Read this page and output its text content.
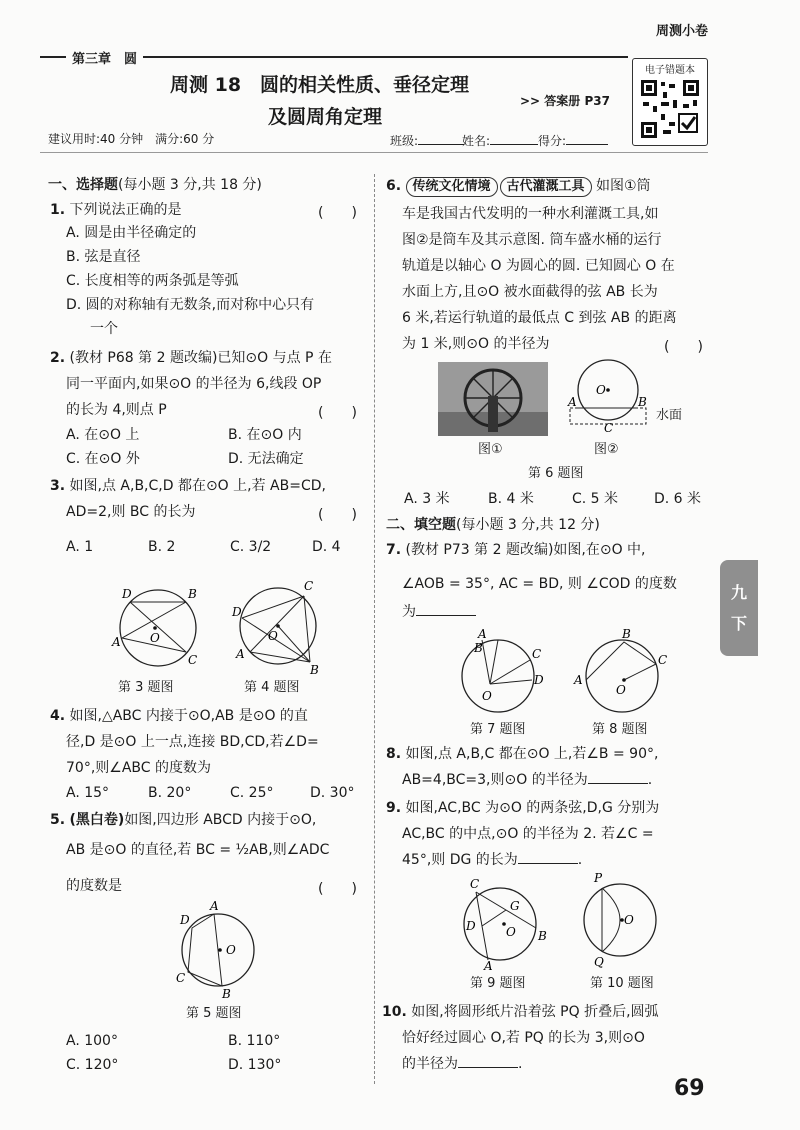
周测小卷
第三章　圆
周测 18　圆的相关性质、垂径定理
及圆周角定理
>> 答案册 P37
电子错题本
建议用时:40 分钟　满分:60 分	班级:	姓名:	得分:
九
下
69
一、选择题(每小题 3 分,共 18 分)
1. 下列说法正确的是	(　　)
A. 圆是由半径确定的
B. 弦是直径
C. 长度相等的两条弧是等弧
D. 圆的对称轴有无数条,而对称中心只有
一个
2. (教材 P68 第 2 题改编)已知⊙O 与点 P 在
同一平面内,如果⊙O 的半径为 6,线段 OP
的长为 4,则点 P	(　　)
A. 在⊙O 上	B. 在⊙O 内
C. 在⊙O 外	D. 无法确定
3. 如图,点 A,B,C,D 都在⊙O 上,若 AB=CD,
AD=2,则 BC 的长为	(　　)
A. 1	B. 2	C. 3/2	D. 4
D	B
A
C
O
C
D
A
B
O
第 3 题图	第 4 题图
4. 如图,△ABC 内接于⊙O,AB 是⊙O 的直
径,D 是⊙O 上一点,连接 BD,CD,若∠D=
70°,则∠ABC 的度数为
A. 15°	B. 20°	C. 25°	D. 30°
5. (黑白卷)如图,四边形 ABCD 内接于⊙O,
AB 是⊙O 的直径,若 BC = ½AB,则∠ADC
的度数是	(　　)
A
D
C
B
O
第 5 题图
A. 100°	B. 110°
C. 120°	D. 130°
6. 传统文化情境 古代灌溉工具 如图①筒
车是我国古代发明的一种水利灌溉工具,如
图②是筒车及其示意图. 筒车盛水桶的运行
轨道是以轴心 O 为圆心的圆. 已知圆心 O 在
水面上方,且⊙O 被水面截得的弦 AB 长为
6 米,若运行轨道的最低点 C 到弦 AB 的距离
为 1 米,则⊙O 的半径为	(　　)
O
A	B
C
水面
图①	图②
第 6 题图
A. 3 米	B. 4 米	C. 5 米	D. 6 米
二、填空题(每小题 3 分,共 12 分)
7. (教材 P73 第 2 题改编)如图,在⊙O 中,
∠AOB = 35°, AC = BD, 则 ∠COD 的度数
为
A
B	C
D
O
B
A
C
O
第 7 题图	第 8 题图
8. 如图,点 A,B,C 都在⊙O 上,若∠B = 90°,
AB=4,BC=3,则⊙O 的半径为	.
9. 如图,AC,BC 为⊙O 的两条弦,D,G 分别为
AC,BC 的中点,⊙O 的半径为 2. 若∠C =
45°,则 DG 的长为	.
C
D
G
O B
A
P
O
Q
第 9 题图	第 10 题图
10. 如图,将圆形纸片沿着弦 PQ 折叠后,圆弧
恰好经过圆心 O,若 PQ 的长为 3,则⊙O
的半径为	.
